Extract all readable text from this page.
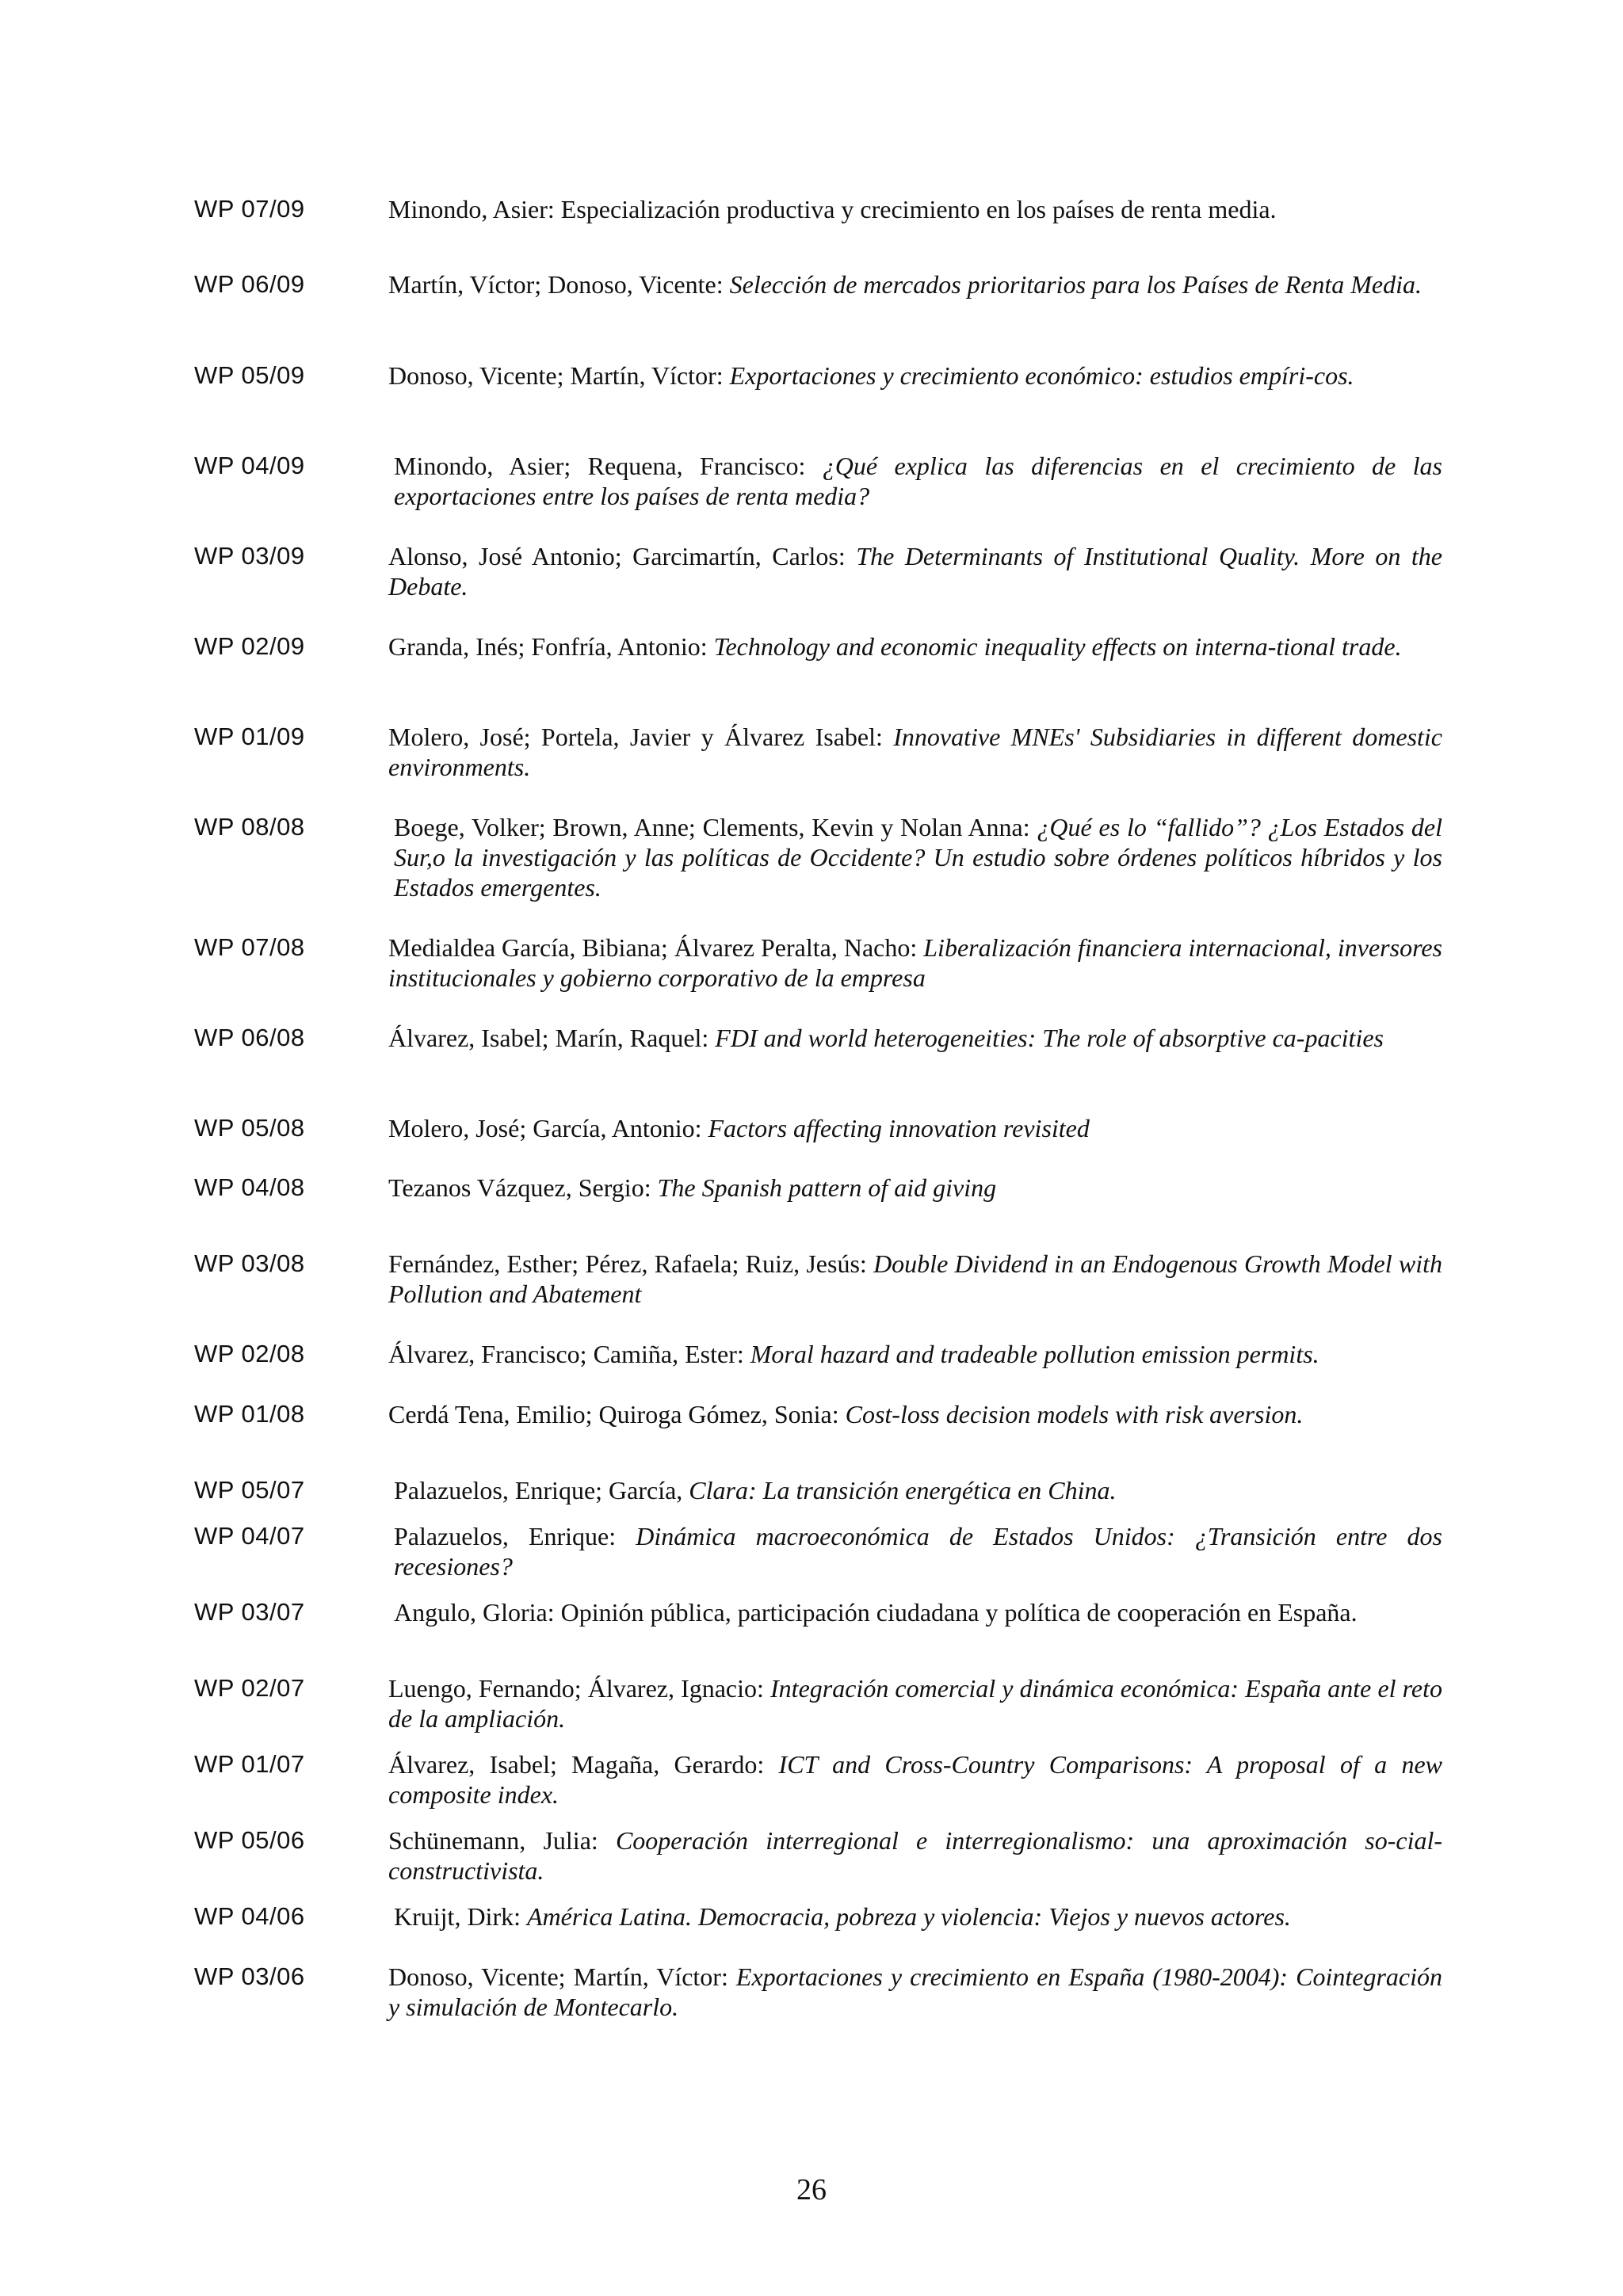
WP 07/09	Minondo, Asier: Especialización productiva y crecimiento en los países de renta media.
WP 06/09	Martín, Víctor; Donoso, Vicente: Selección de mercados prioritarios para los Países de Renta Media.
WP 05/09	Donoso, Vicente; Martín, Víctor: Exportaciones y crecimiento económico: estudios empíri-cos.
WP 04/09	Minondo, Asier; Requena, Francisco: ¿Qué explica las diferencias en el crecimiento de las exportaciones entre los países de renta media?
WP 03/09	Alonso, José Antonio; Garcimartín, Carlos: The Determinants of Institutional Quality. More on the Debate.
WP 02/09	Granda, Inés; Fonfría, Antonio: Technology and economic inequality effects on interna-tional trade.
WP 01/09	Molero, José; Portela, Javier y Álvarez Isabel: Innovative MNEs' Subsidiaries in different domestic environments.
WP 08/08	Boege, Volker; Brown, Anne; Clements, Kevin y Nolan Anna: ¿Qué es lo “fallido”? ¿Los Estados del Sur,o la investigación y las políticas de Occidente? Un estudio sobre órdenes políticos híbridos y los Estados emergentes.
WP 07/08	Medialdea García, Bibiana; Álvarez Peralta, Nacho: Liberalización financiera internacional, inversores institucionales y gobierno corporativo de la empresa
WP 06/08	Álvarez, Isabel; Marín, Raquel: FDI and world heterogeneities: The role of absorptive ca-pacities
WP 05/08	Molero, José; García, Antonio: Factors affecting innovation revisited
WP 04/08	Tezanos Vázquez, Sergio: The Spanish pattern of aid giving
WP 03/08	Fernández, Esther; Pérez, Rafaela; Ruiz, Jesús: Double Dividend in an Endogenous Growth Model with Pollution and Abatement
WP 02/08	Álvarez, Francisco; Camiña, Ester: Moral hazard and tradeable pollution emission permits.
WP 01/08	Cerdá Tena, Emilio; Quiroga Gómez, Sonia: Cost-loss decision models with risk aversion.
WP 05/07	Palazuelos, Enrique; García, Clara: La transición energética en China.
WP 04/07	Palazuelos, Enrique: Dinámica macroeconómica de Estados Unidos: ¿Transición entre dos recesiones?
WP 03/07	Angulo, Gloria: Opinión pública, participación ciudadana y política de cooperación en España.
WP 02/07	Luengo, Fernando; Álvarez, Ignacio: Integración comercial y dinámica económica: España ante el reto de la ampliación.
WP 01/07	Álvarez, Isabel; Magaña, Gerardo: ICT and Cross-Country Comparisons: A proposal of a new composite index.
WP 05/06	Schünemann, Julia: Cooperación interregional e interregionalismo: una aproximación so-cial-constructivista.
WP 04/06	Kruijt, Dirk: América Latina. Democracia, pobreza y violencia: Viejos y nuevos actores.
WP 03/06	Donoso, Vicente; Martín, Víctor: Exportaciones y crecimiento en España (1980-2004): Cointegración y simulación de Montecarlo.
26
